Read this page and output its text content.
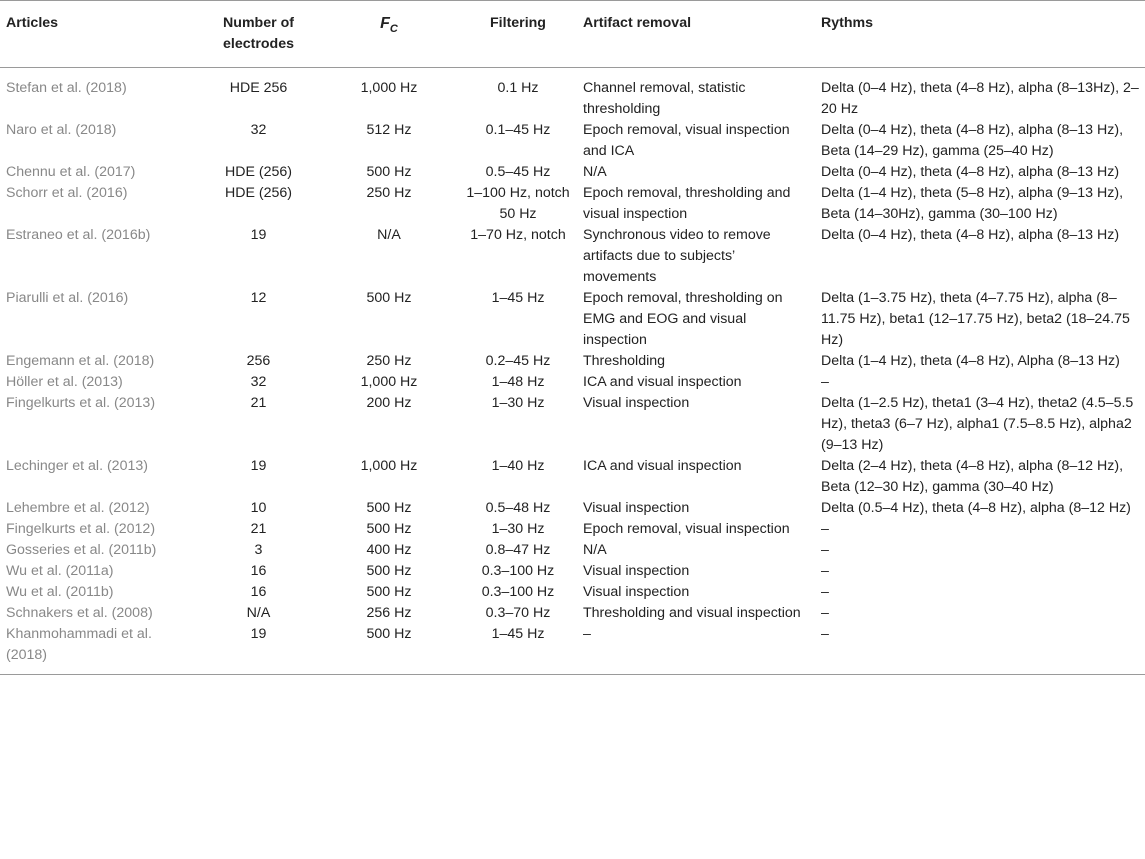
Articles	Number of electrodes	$F_C$	Filtering	Artifact removal	Rythms
Stefan et al. (2018)	HDE 256	1,000 Hz	0.1 Hz	Channel removal, statistic thresholding	Delta (0–4 Hz), theta (4–8 Hz), alpha (8–13Hz), 2–20 Hz
Naro et al. (2018)	32	512 Hz	0.1–45 Hz	Epoch removal, visual inspection and ICA	Delta (0–4 Hz), theta (4–8 Hz), alpha (8–13 Hz), Beta (14–29 Hz), gamma (25–40 Hz)
Chennu et al. (2017)	HDE (256)	500 Hz	0.5–45 Hz	N/A	Delta (0–4 Hz), theta (4–8 Hz), alpha (8–13 Hz)
Schorr et al. (2016)	HDE (256)	250 Hz	1–100 Hz, notch 50 Hz	Epoch removal, thresholding and visual inspection	Delta (1–4 Hz), theta (5–8 Hz), alpha (9–13 Hz), Beta (14–30Hz), gamma (30–100 Hz)
Estraneo et al. (2016b)	19	N/A	1–70 Hz, notch	Synchronous video to remove artifacts due to subjects’ movements	Delta (0–4 Hz), theta (4–8 Hz), alpha (8–13 Hz)
Piarulli et al. (2016)	12	500 Hz	1–45 Hz	Epoch removal, thresholding on EMG and EOG and visual inspection	Delta (1–3.75 Hz), theta (4–7.75 Hz), alpha (8–11.75 Hz), beta1 (12–17.75 Hz), beta2 (18–24.75 Hz)
Engemann et al. (2018)	256	250 Hz	0.2–45 Hz	Thresholding	Delta (1–4 Hz), theta (4–8 Hz), Alpha (8–13 Hz)
Höller et al. (2013)	32	1,000 Hz	1–48 Hz	ICA and visual inspection	–
Fingelkurts et al. (2013)	21	200 Hz	1–30 Hz	Visual inspection	Delta (1–2.5 Hz), theta1 (3–4 Hz), theta2 (4.5–5.5 Hz), theta3 (6–7 Hz), alpha1 (7.5–8.5 Hz), alpha2 (9–13 Hz)
Lechinger et al. (2013)	19	1,000 Hz	1–40 Hz	ICA and visual inspection	Delta (2–4 Hz), theta (4–8 Hz), alpha (8–12 Hz), Beta (12–30 Hz), gamma (30–40 Hz)
Lehembre et al. (2012)	10	500 Hz	0.5–48 Hz	Visual inspection	Delta (0.5–4 Hz), theta (4–8 Hz), alpha (8–12 Hz)
Fingelkurts et al. (2012)	21	500 Hz	1–30 Hz	Epoch removal, visual inspection	–
Gosseries et al. (2011b)	3	400 Hz	0.8–47 Hz	N/A	–
Wu et al. (2011a)	16	500 Hz	0.3–100 Hz	Visual inspection	–
Wu et al. (2011b)	16	500 Hz	0.3–100 Hz	Visual inspection	–
Schnakers et al. (2008)	N/A	256 Hz	0.3–70 Hz	Thresholding and visual inspection	–
Khanmohammadi et al. (2018)	19	500 Hz	1–45 Hz	–	–
